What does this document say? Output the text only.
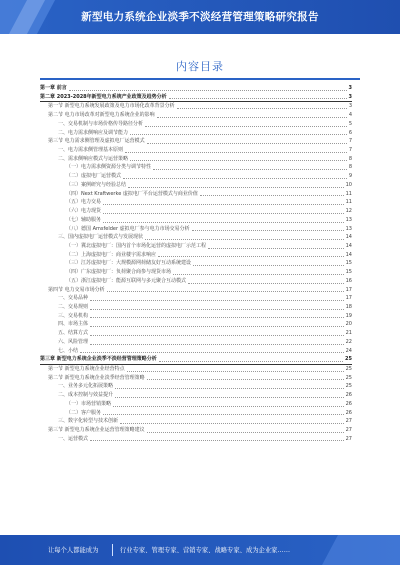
新型电力系统企业淡季不淡经营管理策略研究报告
内容目录
第一章 前言	3
第二章 2023-2028年新型电力系统产业政策及趋势分析	3
第一节 新型电力系统发展政策及电力市场化改革背景分析	3
第二节 电力市场改革对新型电力系统企业的影响	4
一、交易机制与市场价格传导路径分析	5
二、电力需求侧响应及调节能力	6
第三节 电力需求侧管理及虚拟电厂运营模式	7
一、电力需求侧管理基本原则	7
二、需求侧响应模式与运营策略	8
（一）电力需求侧资源分类与调节特性	8
（二）虚拟电厂运营模式	9
（三）案例研究与经验总结	10
（四）Next Kraftwerke 虚拟电厂平台运营模式与商业价值	11
（五）电力交易	11
（六）电力现货	12
（七）辅助服务	13
（八）德国 Amsfelder 虚拟电厂参与电力市场交易分析	13
三、国内虚拟电厂运营模式与发展现状	14
（一）冀北虚拟电厂：国内首个市场化运营的虚拟电厂示范工程	14
（二）上海虚拟电厂：商业楼宇需求响应	14
（三）江苏虚拟电厂：大规模源网荷储友好互动系统建设	15
（四）广东虚拟电厂：负荷聚合商参与现货市场	15
（五）浙江虚拟电厂：能源互联网与多元聚合互动模式	16
第四节 电力交易市场分析	17
一、交易品种	17
二、交易规则	18
三、交易机构	19
四、市场主体	20
五、结算方式	21
六、风险管理	22
七、小结	24
第三章 新型电力系统企业淡季不淡经营管理策略分析	25
第一节 新型电力系统企业经营特点	25
第二节 新型电力系统企业淡季经营管理策略	25
一、业务多元化拓展策略	25
二、成本控制与效益提升	26
（一）市场营销策略	26
（二）客户服务	26
三、数字化转型与技术创新	27
第三节 新型电力系统企业运营管理策略建议	27
一、运营模式	27
让每个人都能成为	行业专家、管理专家、营销专家、战略专家、成为企业家……
